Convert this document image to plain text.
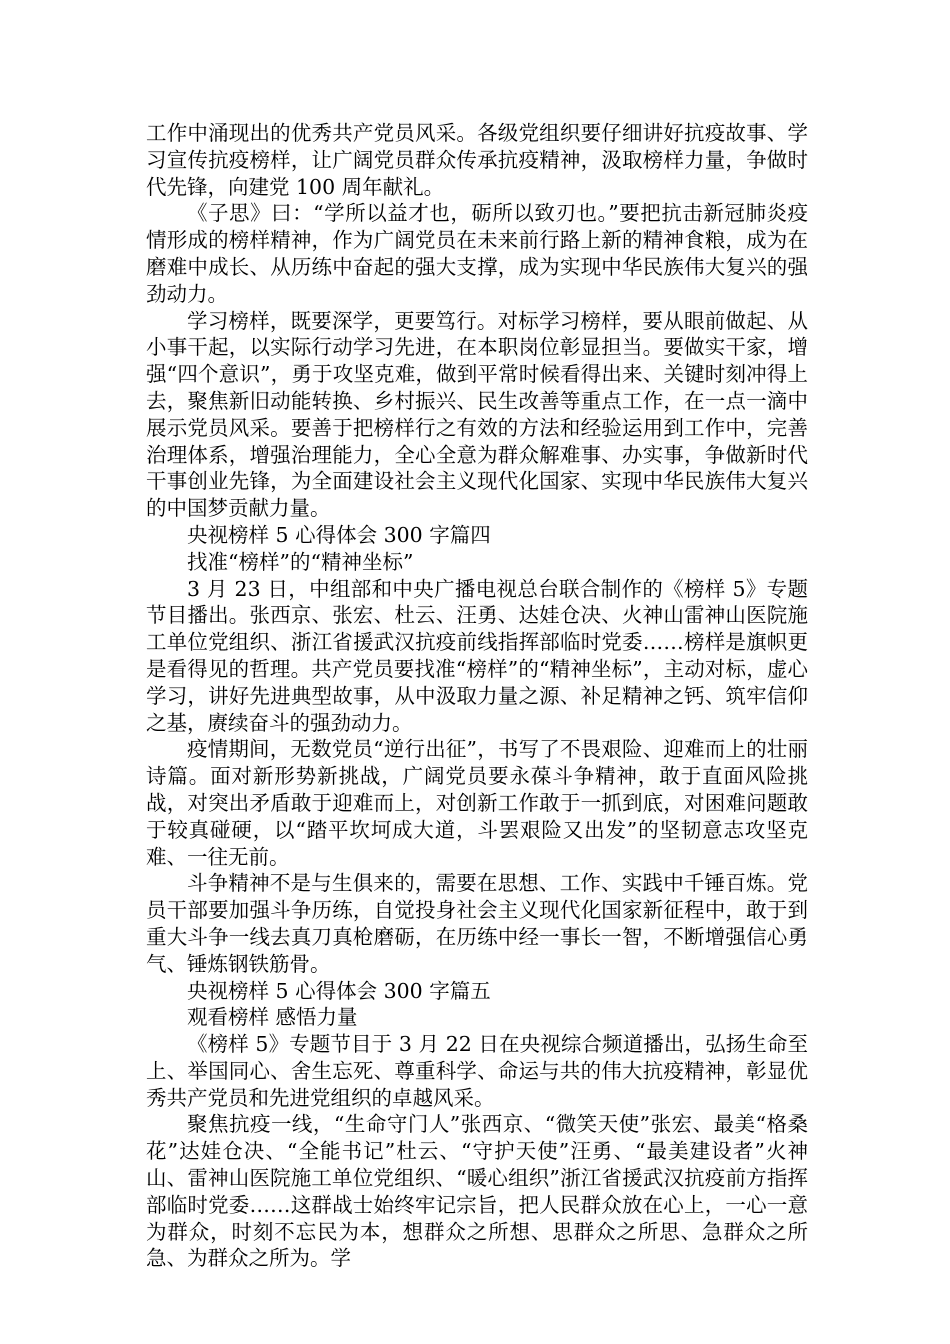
工作中涌现出的优秀共产党员风采。各级党组织要仔细讲好抗疫故事、学习宣传抗疫榜样，让广阔党员群众传承抗疫精神，汲取榜样力量，争做时代先锋，向建党 100 周年献礼。

《子思》曰：“学所以益才也，砺所以致刃也。”要把抗击新冠肺炎疫情形成的榜样精神，作为广阔党员在未来前行路上新的精神食粮，成为在磨难中成长、从历练中奋起的强大支撑，成为实现中华民族伟大复兴的强劲动力。

学习榜样，既要深学，更要笃行。对标学习榜样，要从眼前做起、从小事干起，以实际行动学习先进，在本职岗位彰显担当。要做实干家，增强“四个意识”，勇于攻坚克难，做到平常时候看得出来、关键时刻冲得上去，聚焦新旧动能转换、乡村振兴、民生改善等重点工作，在一点一滴中展示党员风采。要善于把榜样行之有效的方法和经验运用到工作中，完善治理体系，增强治理能力，全心全意为群众解难事、办实事，争做新时代干事创业先锋，为全面建设社会主义现代化国家、实现中华民族伟大复兴的中国梦贡献力量。

央视榜样 5 心得体会 300 字篇四

找准“榜样”的“精神坐标”

3 月 23 日，中组部和中央广播电视总台联合制作的《榜样 5》专题节目播出。张西京、张宏、杜云、汪勇、达娃仓决、火神山雷神山医院施工单位党组织、浙江省援武汉抗疫前线指挥部临时党委……榜样是旗帜更是看得见的哲理。共产党员要找准“榜样”的“精神坐标”，主动对标，虚心学习，讲好先进典型故事，从中汲取力量之源、补足精神之钙、筑牢信仰之基，赓续奋斗的强劲动力。

疫情期间，无数党员“逆行出征”，书写了不畏艰险、迎难而上的壮丽诗篇。面对新形势新挑战，广阔党员要永葆斗争精神，敢于直面风险挑战，对突出矛盾敢于迎难而上，对创新工作敢于一抓到底，对困难问题敢于较真碰硬，以“踏平坎坷成大道，斗罢艰险又出发”的坚韧意志攻坚克难、一往无前。

斗争精神不是与生俱来的，需要在思想、工作、实践中千锤百炼。党员干部要加强斗争历练，自觉投身社会主义现代化国家新征程中，敢于到重大斗争一线去真刀真枪磨砺，在历练中经一事长一智，不断增强信心勇气、锤炼钢铁筋骨。

央视榜样 5 心得体会 300 字篇五

观看榜样 感悟力量

《榜样 5》专题节目于 3 月 22 日在央视综合频道播出，弘扬生命至上、举国同心、舍生忘死、尊重科学、命运与共的伟大抗疫精神，彰显优秀共产党员和先进党组织的卓越风采。

聚焦抗疫一线，“生命守门人”张西京、“微笑天使”张宏、最美“格桑花”达娃仓决、“全能书记”杜云、“守护天使”汪勇、“最美建设者”火神山、雷神山医院施工单位党组织、“暖心组织”浙江省援武汉抗疫前方指挥部临时党委……这群战士始终牢记宗旨，把人民群众放在心上，一心一意为群众，时刻不忘民为本，想群众之所想、思群众之所思、急群众之所急、为群众之所为。学
